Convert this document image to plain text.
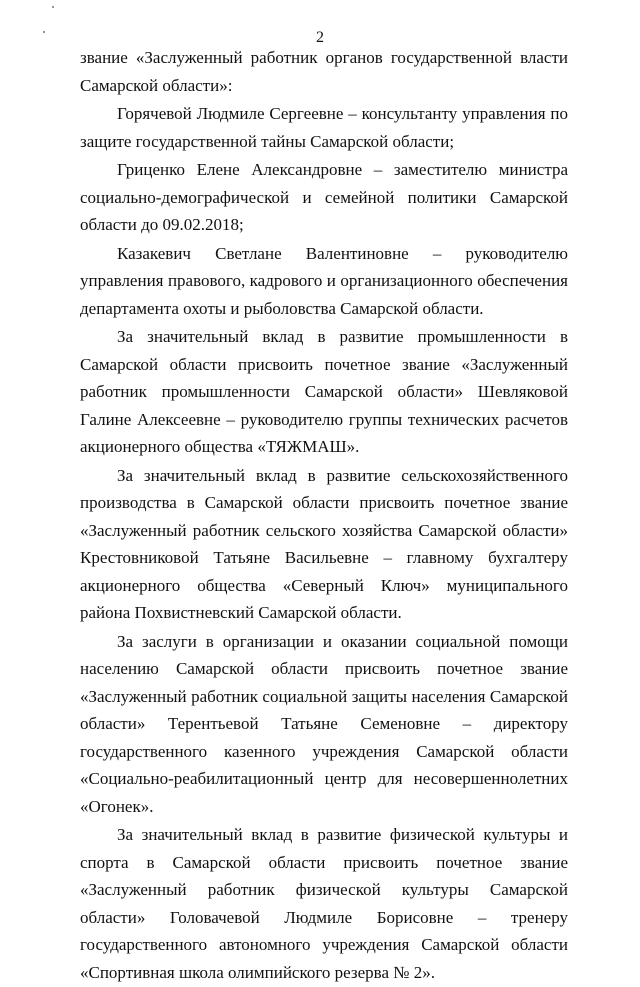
2

звание «Заслуженный работник органов государственной власти Самарской области»:

Горячевой Людмиле Сергеевне – консультанту управления по защите государственной тайны Самарской области;

Гриценко Елене Александровне – заместителю министра социально-демографической и семейной политики Самарской области до 09.02.2018;

Казакевич Светлане Валентиновне – руководителю управления правового, кадрового и организационного обеспечения департамента охоты и рыболовства Самарской области.

За значительный вклад в развитие промышленности в Самарской области присвоить почетное звание «Заслуженный работник промышленности Самарской области» Шевляковой Галине Алексеевне – руководителю группы технических расчетов акционерного общества «ТЯЖМАШ».

За значительный вклад в развитие сельскохозяйственного производства в Самарской области присвоить почетное звание «Заслуженный работник сельского хозяйства Самарской области» Крестовниковой Татьяне Васильевне – главному бухгалтеру акционерного общества «Северный Ключ» муниципального района Похвистневский Самарской области.

За заслуги в организации и оказании социальной помощи населению Самарской области присвоить почетное звание «Заслуженный работник социальной защиты населения Самарской области» Терентьевой Татьяне Семеновне – директору государственного казенного учреждения Самарской области «Социально-реабилитационный центр для несовершеннолетних «Огонек».

За значительный вклад в развитие физической культуры и спорта в Самарской области присвоить почетное звание «Заслуженный работник физической культуры Самарской области» Головачевой Людмиле Борисовне – тренеру государственного автономного учреждения Самарской области «Спортивная школа олимпийского резерва № 2».
